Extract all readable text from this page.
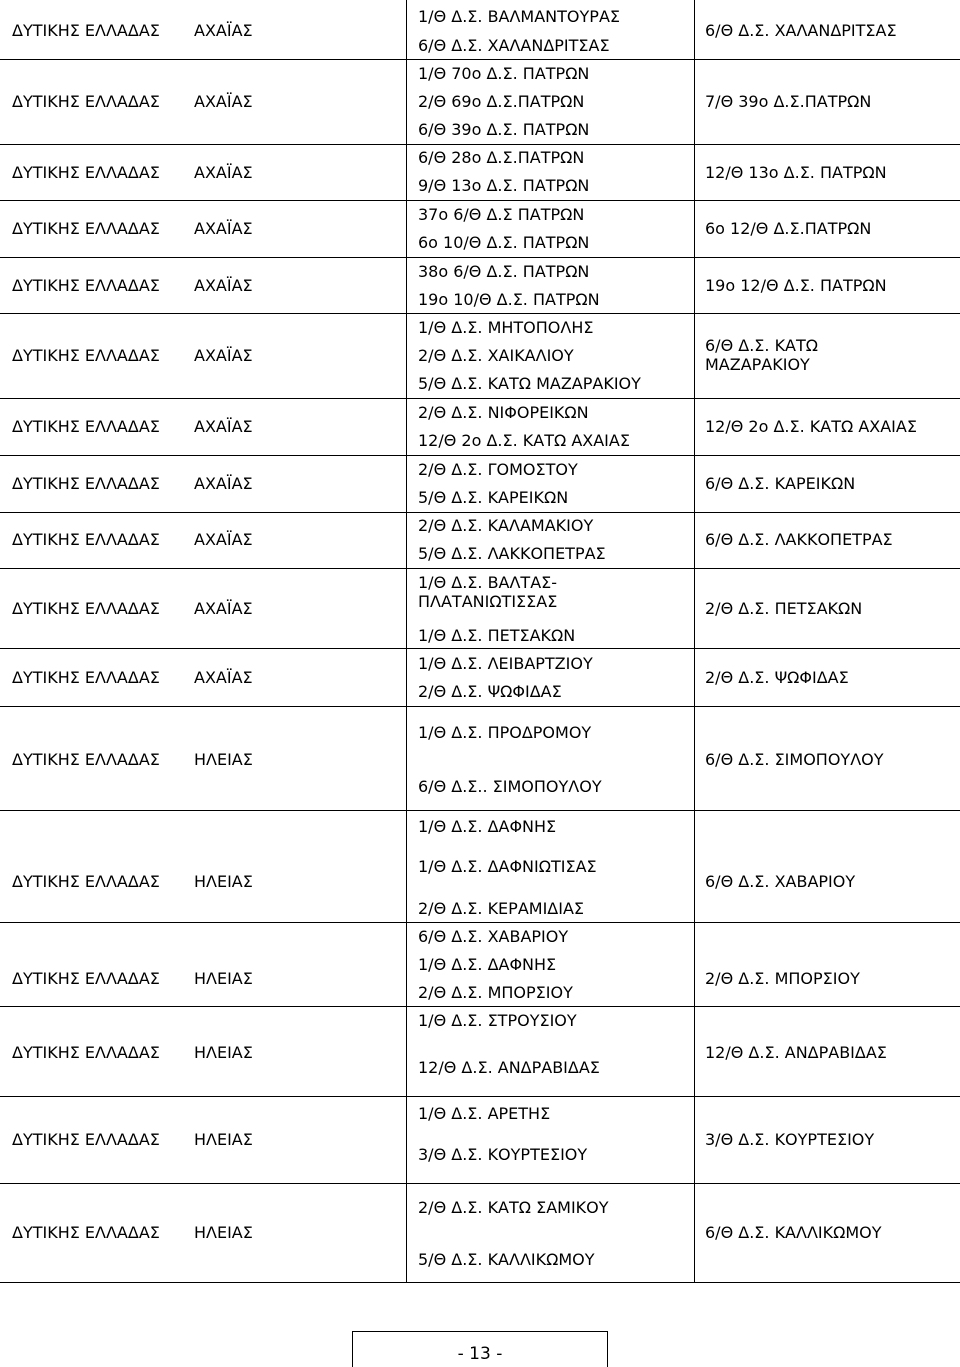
ΔΥΤΙΚΗΣ ΕΛΛΑΔΑΣ ΑΧΑΪΑΣ
1/Θ Δ.Σ. ΒΑΛΜΑΝΤΟΥΡΑΣ
6/Θ Δ.Σ. ΧΑΛΑΝΔΡΙΤΣΑΣ
6/Θ Δ.Σ. ΧΑΛΑΝΔΡΙΤΣΑΣ
ΔΥΤΙΚΗΣ ΕΛΛΑΔΑΣ ΑΧΑΪΑΣ
1/Θ 70ο Δ.Σ. ΠΑΤΡΩΝ
2/Θ 69ο Δ.Σ.ΠΑΤΡΩΝ
6/Θ 39ο Δ.Σ. ΠΑΤΡΩΝ
7/Θ 39ο Δ.Σ.ΠΑΤΡΩΝ
ΔΥΤΙΚΗΣ ΕΛΛΑΔΑΣ ΑΧΑΪΑΣ
6/Θ 28ο Δ.Σ.ΠΑΤΡΩΝ
9/Θ 13ο Δ.Σ. ΠΑΤΡΩΝ
12/Θ 13ο Δ.Σ. ΠΑΤΡΩΝ
ΔΥΤΙΚΗΣ ΕΛΛΑΔΑΣ ΑΧΑΪΑΣ
37ο 6/Θ Δ.Σ ΠΑΤΡΩΝ
6ο 10/Θ Δ.Σ. ΠΑΤΡΩΝ
6ο 12/Θ Δ.Σ.ΠΑΤΡΩΝ
ΔΥΤΙΚΗΣ ΕΛΛΑΔΑΣ ΑΧΑΪΑΣ
38ο 6/Θ Δ.Σ. ΠΑΤΡΩΝ
19ο 10/Θ Δ.Σ. ΠΑΤΡΩΝ
19ο 12/Θ Δ.Σ. ΠΑΤΡΩΝ
ΔΥΤΙΚΗΣ ΕΛΛΑΔΑΣ ΑΧΑΪΑΣ
1/Θ Δ.Σ. ΜΗΤΟΠΟΛΗΣ
2/Θ Δ.Σ. ΧΑΙΚΑΛΙΟΥ
5/Θ Δ.Σ. ΚΑΤΩ ΜΑΖΑΡΑΚΙΟΥ
6/Θ Δ.Σ. ΚΑΤΩ ΜΑΖΑΡΑΚΙΟΥ
ΔΥΤΙΚΗΣ ΕΛΛΑΔΑΣ ΑΧΑΪΑΣ
2/Θ Δ.Σ. ΝΙΦΟΡΕΙΚΩΝ
12/Θ 2ο Δ.Σ. ΚΑΤΩ ΑΧΑΙΑΣ
12/Θ 2ο Δ.Σ. ΚΑΤΩ ΑΧΑΙΑΣ
ΔΥΤΙΚΗΣ ΕΛΛΑΔΑΣ ΑΧΑΪΑΣ
2/Θ Δ.Σ. ΓΟΜΟΣΤΟΥ
5/Θ Δ.Σ. ΚΑΡΕΙΚΩΝ
6/Θ Δ.Σ. ΚΑΡΕΙΚΩΝ
ΔΥΤΙΚΗΣ ΕΛΛΑΔΑΣ ΑΧΑΪΑΣ
2/Θ Δ.Σ. ΚΑΛΑΜΑΚΙΟΥ
5/Θ Δ.Σ. ΛΑΚΚΟΠΕΤΡΑΣ
6/Θ Δ.Σ. ΛΑΚΚΟΠΕΤΡΑΣ
ΔΥΤΙΚΗΣ ΕΛΛΑΔΑΣ ΑΧΑΪΑΣ
1/Θ Δ.Σ. ΒΑΛΤΑΣ-ΠΛΑΤΑΝΙΩΤΙΣΣΑΣ
1/Θ Δ.Σ. ΠΕΤΣΑΚΩΝ
2/Θ Δ.Σ. ΠΕΤΣΑΚΩΝ
ΔΥΤΙΚΗΣ ΕΛΛΑΔΑΣ ΑΧΑΪΑΣ
1/Θ Δ.Σ. ΛΕΙΒΑΡΤΖΙΟΥ
2/Θ Δ.Σ. ΨΩΦΙΔΑΣ
2/Θ Δ.Σ. ΨΩΦΙΔΑΣ
ΔΥΤΙΚΗΣ ΕΛΛΑΔΑΣ ΗΛΕΙΑΣ
1/Θ Δ.Σ. ΠΡΟΔΡΟΜΟΥ
6/Θ Δ.Σ.. ΣΙΜΟΠΟΥΛΟΥ
6/Θ Δ.Σ. ΣΙΜΟΠΟΥΛΟΥ
ΔΥΤΙΚΗΣ ΕΛΛΑΔΑΣ ΗΛΕΙΑΣ
1/Θ Δ.Σ. ΔΑΦΝΗΣ
1/Θ Δ.Σ. ΔΑΦΝΙΩΤΙΣΑΣ
2/Θ Δ.Σ. ΚΕΡΑΜΙΔΙΑΣ
6/Θ Δ.Σ. ΧΑΒΑΡΙΟΥ
ΔΥΤΙΚΗΣ ΕΛΛΑΔΑΣ ΗΛΕΙΑΣ
6/Θ Δ.Σ. ΧΑΒΑΡΙΟΥ
1/Θ Δ.Σ. ΔΑΦΝΗΣ
2/Θ Δ.Σ. ΜΠΟΡΣΙΟΥ
2/Θ Δ.Σ. ΜΠΟΡΣΙΟΥ
ΔΥΤΙΚΗΣ ΕΛΛΑΔΑΣ ΗΛΕΙΑΣ
1/Θ Δ.Σ. ΣΤΡΟΥΣΙΟΥ
12/Θ Δ.Σ. ΑΝΔΡΑΒΙΔΑΣ
12/Θ Δ.Σ. ΑΝΔΡΑΒΙΔΑΣ
ΔΥΤΙΚΗΣ ΕΛΛΑΔΑΣ ΗΛΕΙΑΣ
1/Θ Δ.Σ. ΑΡΕΤΗΣ
3/Θ Δ.Σ. ΚΟΥΡΤΕΣΙΟΥ
3/Θ Δ.Σ. ΚΟΥΡΤΕΣΙΟΥ
ΔΥΤΙΚΗΣ ΕΛΛΑΔΑΣ ΗΛΕΙΑΣ
2/Θ Δ.Σ. ΚΑΤΩ ΣΑΜΙΚΟΥ
5/Θ Δ.Σ. ΚΑΛΛΙΚΩΜΟΥ
6/Θ Δ.Σ. ΚΑΛΛΙΚΩΜΟΥ
- 13 -
